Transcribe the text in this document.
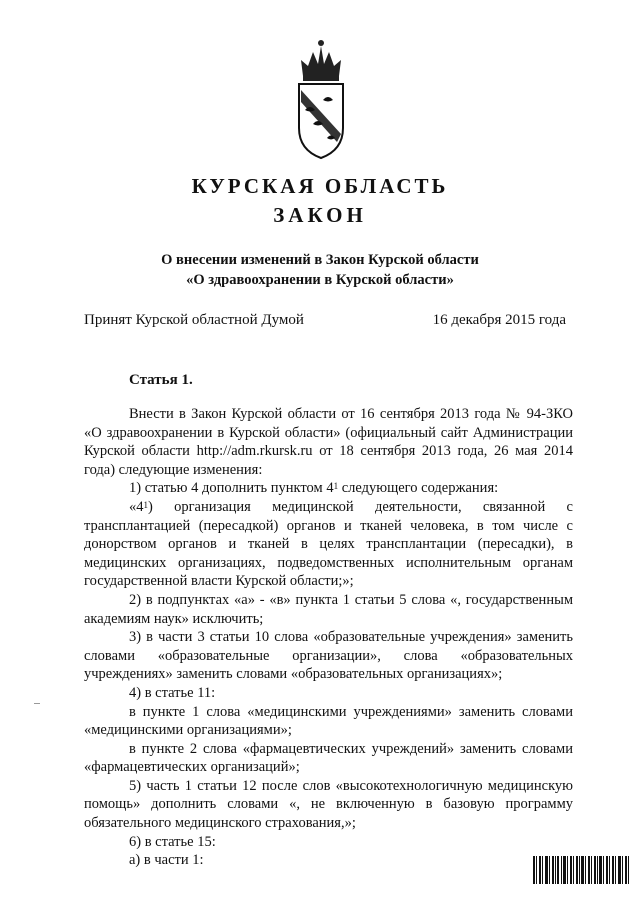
КУРСКАЯ ОБЛАСТЬ
ЗАКОН
О внесении изменений в Закон Курской области
«О здравоохранении в Курской области»
Принят Курской областной Думой	16 декабря 2015 года
Статья 1.

Внести в Закон Курской области от 16 сентября 2013 года № 94-ЗКО «О здравоохранении в Курской области» (официальный сайт Администрации Курской области http://adm.rkursk.ru от 18 сентября 2013 года, 26 мая 2014 года) следующие изменения:

1) статью 4 дополнить пунктом $4^1$ следующего содержания:

«$4^1$) организация медицинской деятельности, связанной с трансплантацией (пересадкой) органов и тканей человека, в том числе с донорством органов и тканей в целях трансплантации (пересадки), в медицинских организациях, подведомственных исполнительным органам государственной власти Курской области;»;

2) в подпунктах «а» - «в» пункта 1 статьи 5 слова «, государственным академиям наук» исключить;

3) в части 3 статьи 10 слова «образовательные учреждения» заменить словами «образовательные организации», слова «образовательных учреждениях» заменить словами «образовательных организациях»;

4) в статье 11:

в пункте 1 слова «медицинскими учреждениями» заменить словами «медицинскими организациями»;

в пункте 2 слова «фармацевтических учреждений» заменить словами «фармацевтических организаций»;

5) часть 1 статьи 12 после слов «высокотехнологичную медицинскую помощь» дополнить словами «, не включенную в базовую программу обязательного медицинского страхования,»;

6) в статье 15:

а) в части 1:
